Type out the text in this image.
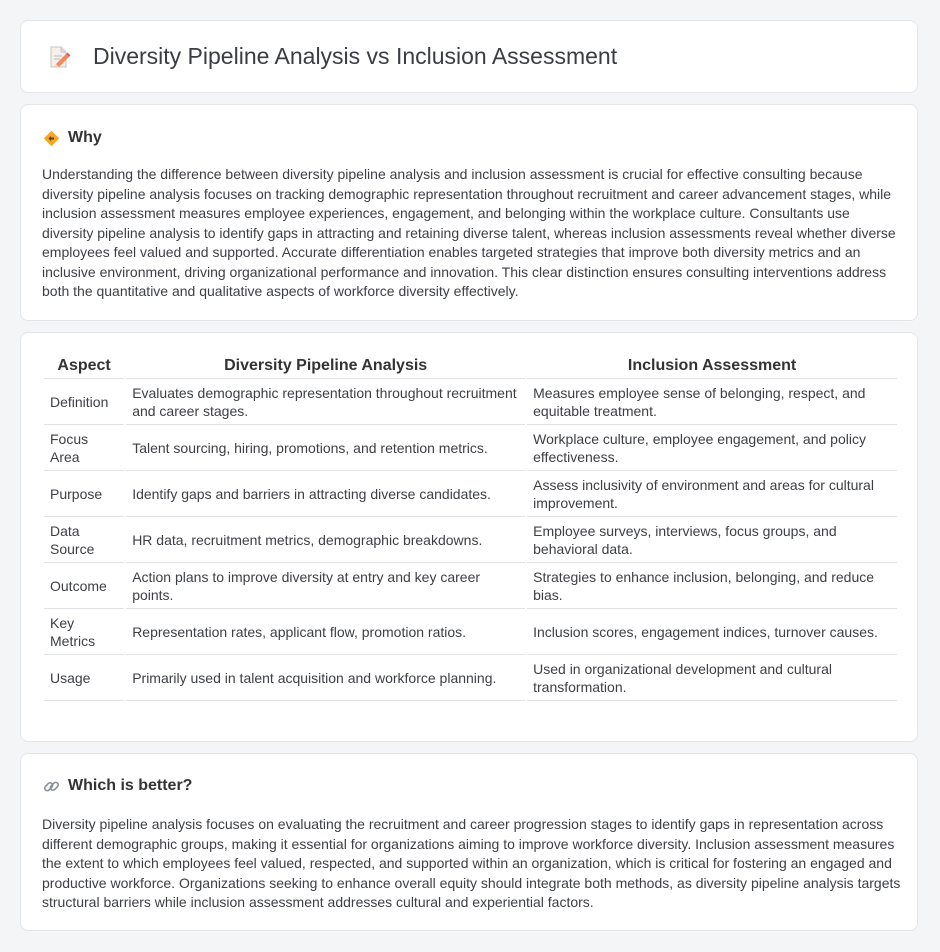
Diversity Pipeline Analysis vs Inclusion Assessment
Why

Understanding the difference between diversity pipeline analysis and inclusion assessment is crucial for effective consulting because diversity pipeline analysis focuses on tracking demographic representation throughout recruitment and career advancement stages, while inclusion assessment measures employee experiences, engagement, and belonging within the workplace culture. Consultants use diversity pipeline analysis to identify gaps in attracting and retaining diverse talent, whereas inclusion assessments reveal whether diverse employees feel valued and supported. Accurate differentiation enables targeted strategies that improve both diversity metrics and an inclusive environment, driving organizational performance and innovation. This clear distinction ensures consulting interventions address both the quantitative and qualitative aspects of workforce diversity effectively.

Aspect	Diversity Pipeline Analysis	Inclusion Assessment
Definition	Evaluates demographic representation throughout recruitment and career stages.	Measures employee sense of belonging, respect, and equitable treatment.
Focus Area	Talent sourcing, hiring, promotions, and retention metrics.	Workplace culture, employee engagement, and policy effectiveness.
Purpose	Identify gaps and barriers in attracting diverse candidates.	Assess inclusivity of environment and areas for cultural improvement.
Data Source	HR data, recruitment metrics, demographic breakdowns.	Employee surveys, interviews, focus groups, and behavioral data.
Outcome	Action plans to improve diversity at entry and key career points.	Strategies to enhance inclusion, belonging, and reduce bias.
Key Metrics	Representation rates, applicant flow, promotion ratios.	Inclusion scores, engagement indices, turnover causes.
Usage	Primarily used in talent acquisition and workforce planning.	Used in organizational development and cultural transformation.
Which is better?

Diversity pipeline analysis focuses on evaluating the recruitment and career progression stages to identify gaps in representation across different demographic groups, making it essential for organizations aiming to improve workforce diversity. Inclusion assessment measures the extent to which employees feel valued, respected, and supported within an organization, which is critical for fostering an engaged and productive workforce. Organizations seeking to enhance overall equity should integrate both methods, as diversity pipeline analysis targets structural barriers while inclusion assessment addresses cultural and experiential factors.
